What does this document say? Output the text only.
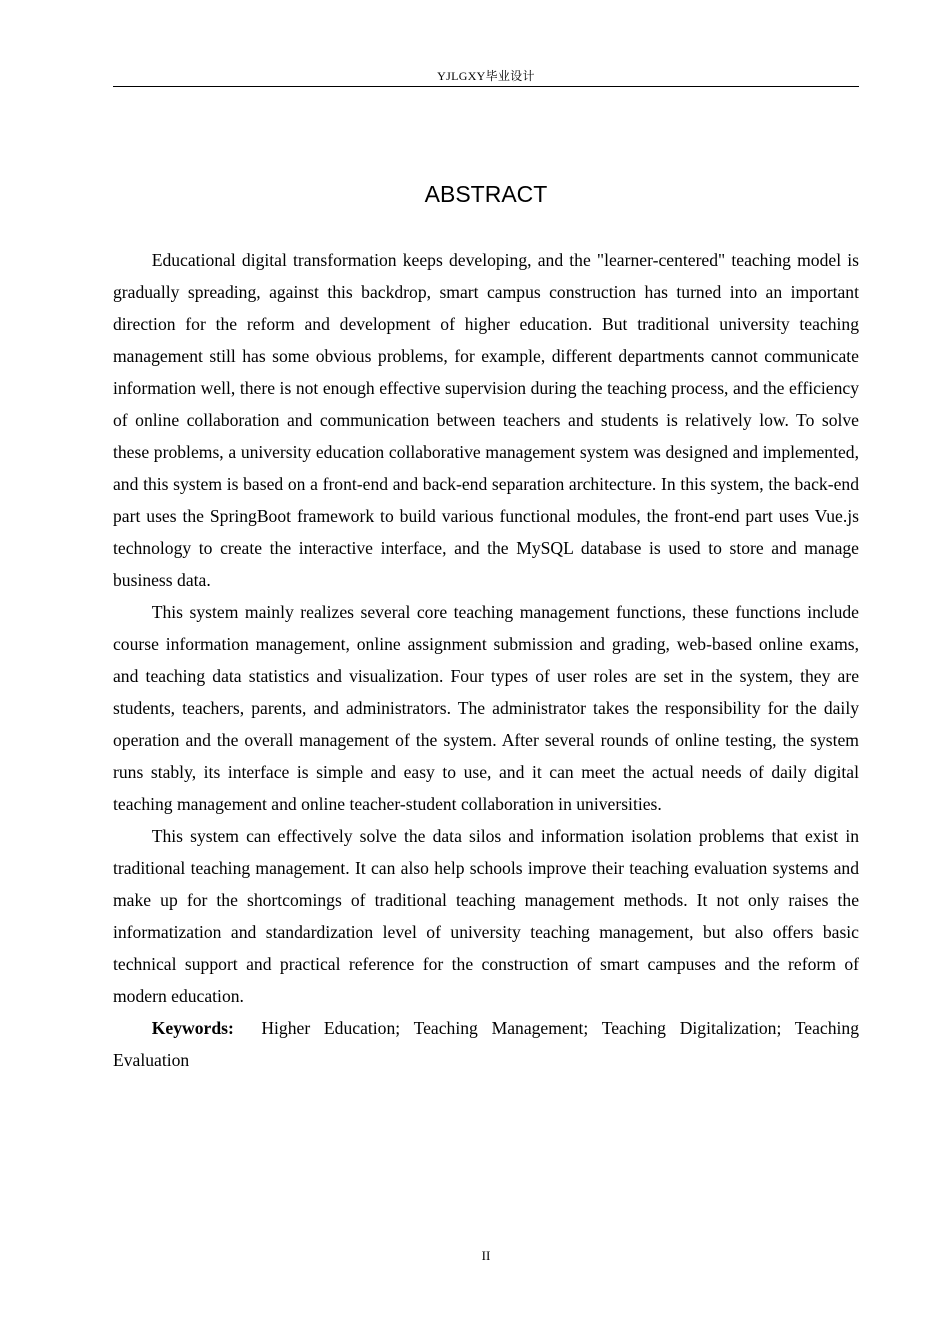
YJLGXY毕业设计
ABSTRACT

Educational digital transformation keeps developing, and the "learner-centered" teaching model is gradually spreading, against this backdrop, smart campus construction has turned into an important direction for the reform and development of higher education. But traditional university teaching management still has some obvious problems, for example, different departments cannot communicate information well, there is not enough effective supervision during the teaching process, and the efficiency of online collaboration and communication between teachers and students is relatively low. To solve these problems, a university education collaborative management system was designed and implemented, and this system is based on a front-end and back-end separation architecture. In this system, the back-end part uses the SpringBoot framework to build various functional modules, the front-end part uses Vue.js technology to create the interactive interface, and the MySQL database is used to store and manage business data.

This system mainly realizes several core teaching management functions, these functions include course information management, online assignment submission and grading, web-based online exams, and teaching data statistics and visualization. Four types of user roles are set in the system, they are students, teachers, parents, and administrators. The administrator takes the responsibility for the daily operation and the overall management of the system. After several rounds of online testing, the system runs stably, its interface is simple and easy to use, and it can meet the actual needs of daily digital teaching management and online teacher-student collaboration in universities.

This system can effectively solve the data silos and information isolation problems that exist in traditional teaching management. It can also help schools improve their teaching evaluation systems and make up for the shortcomings of traditional teaching management methods. It not only raises the informatization and standardization level of university teaching management, but also offers basic technical support and practical reference for the construction of smart campuses and the reform of modern education.

Keywords: Higher Education; Teaching Management; Teaching Digitalization; Teaching Evaluation

II
